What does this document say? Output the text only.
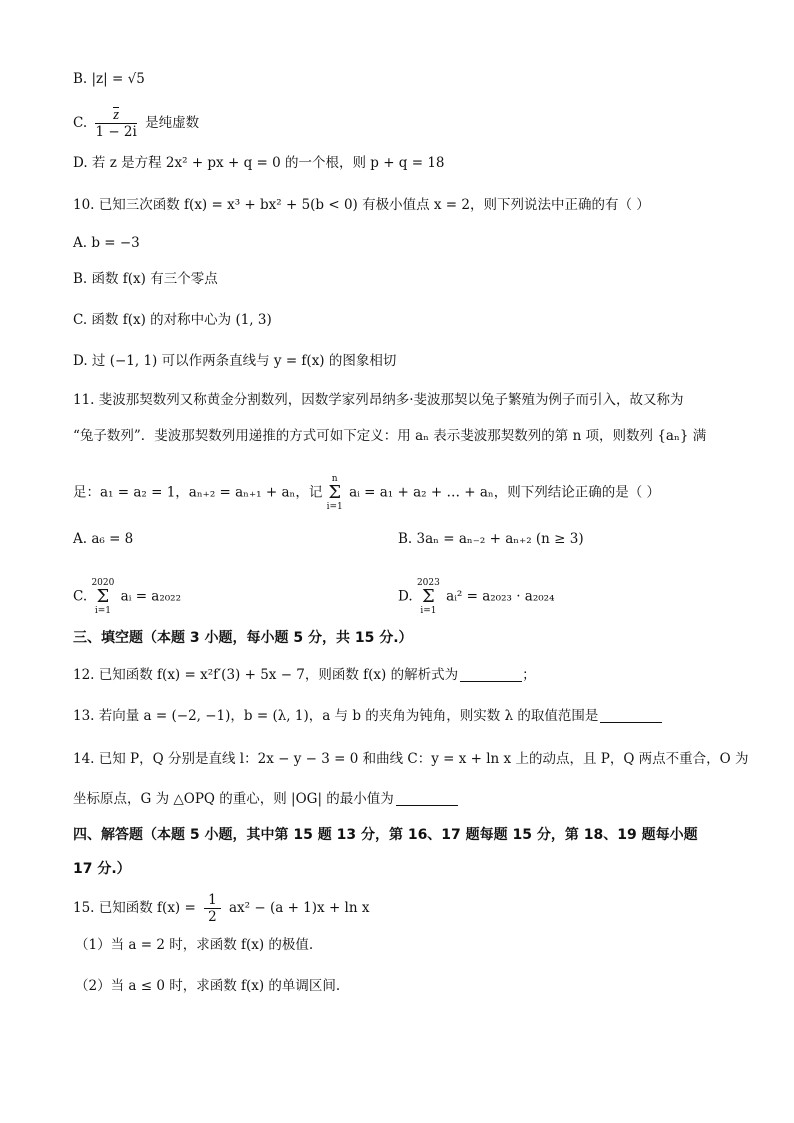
B. |z| = √5
C. $\frac{z}{1 - 2i}$ 是纯虚数
D. 若 z 是方程 2x² + px + q = 0 的一个根，则 p + q = 18
10. 已知三次函数 f(x) = x³ + bx² + 5(b < 0) 有极小值点 x = 2，则下列说法中正确的有（ ）
A. b = −3
B. 函数 f(x) 有三个零点
C. 函数 f(x) 的对称中心为 (1, 3)
D. 过 (−1, 1) 可以作两条直线与 y = f(x) 的图象相切
11. 斐波那契数列又称黄金分割数列，因数学家列昂纳多·斐波那契以兔子繁殖为例子而引入，故又称为
“兔子数列”．斐波那契数列用递推的方式可如下定义：用 aₙ 表示斐波那契数列的第 n 项，则数列 {aₙ} 满
足：a₁ = a₂ = 1，aₙ₊₂ = aₙ₊₁ + aₙ，记 n
Σ
i=1 aᵢ = a₁ + a₂ + … + aₙ，则下列结论正确的是（ ）
A. a₆ = 8	B. 3aₙ = aₙ₋₂ + aₙ₊₂ (n ≥ 3)
C. 2020
Σ
i=1 aᵢ = a₂₀₂₂	D. 2023
Σ
i=1 aᵢ² = a₂₀₂₃ · a₂₀₂₄
三、填空题（本题 3 小题，每小题 5 分，共 15 分.）
12. 已知函数 f(x) = x²f′(3) + 5x − 7，则函数 f(x) 的解析式为	；
13. 若向量 a = (−2, −1)，b = (λ, 1)，a 与 b 的夹角为钝角，则实数 λ 的取值范围是
14. 已知 P，Q 分别是直线 l：2x − y − 3 = 0 和曲线 C：y = x + ln x 上的动点，且 P，Q 两点不重合，O 为
坐标原点，G 为 △OPQ 的重心，则 |OG| 的最小值为
四、解答题（本题 5 小题，其中第 15 题 13 分，第 16、17 题每题 15 分，第 18、19 题每小题
17 分.）
15. 已知函数 $f(x) = \frac{1}{2} ax^2 - (a + 1)x + \ln x$
（1）当 a = 2 时，求函数 f(x) 的极值.
（2）当 a ≤ 0 时，求函数 f(x) 的单调区间.
